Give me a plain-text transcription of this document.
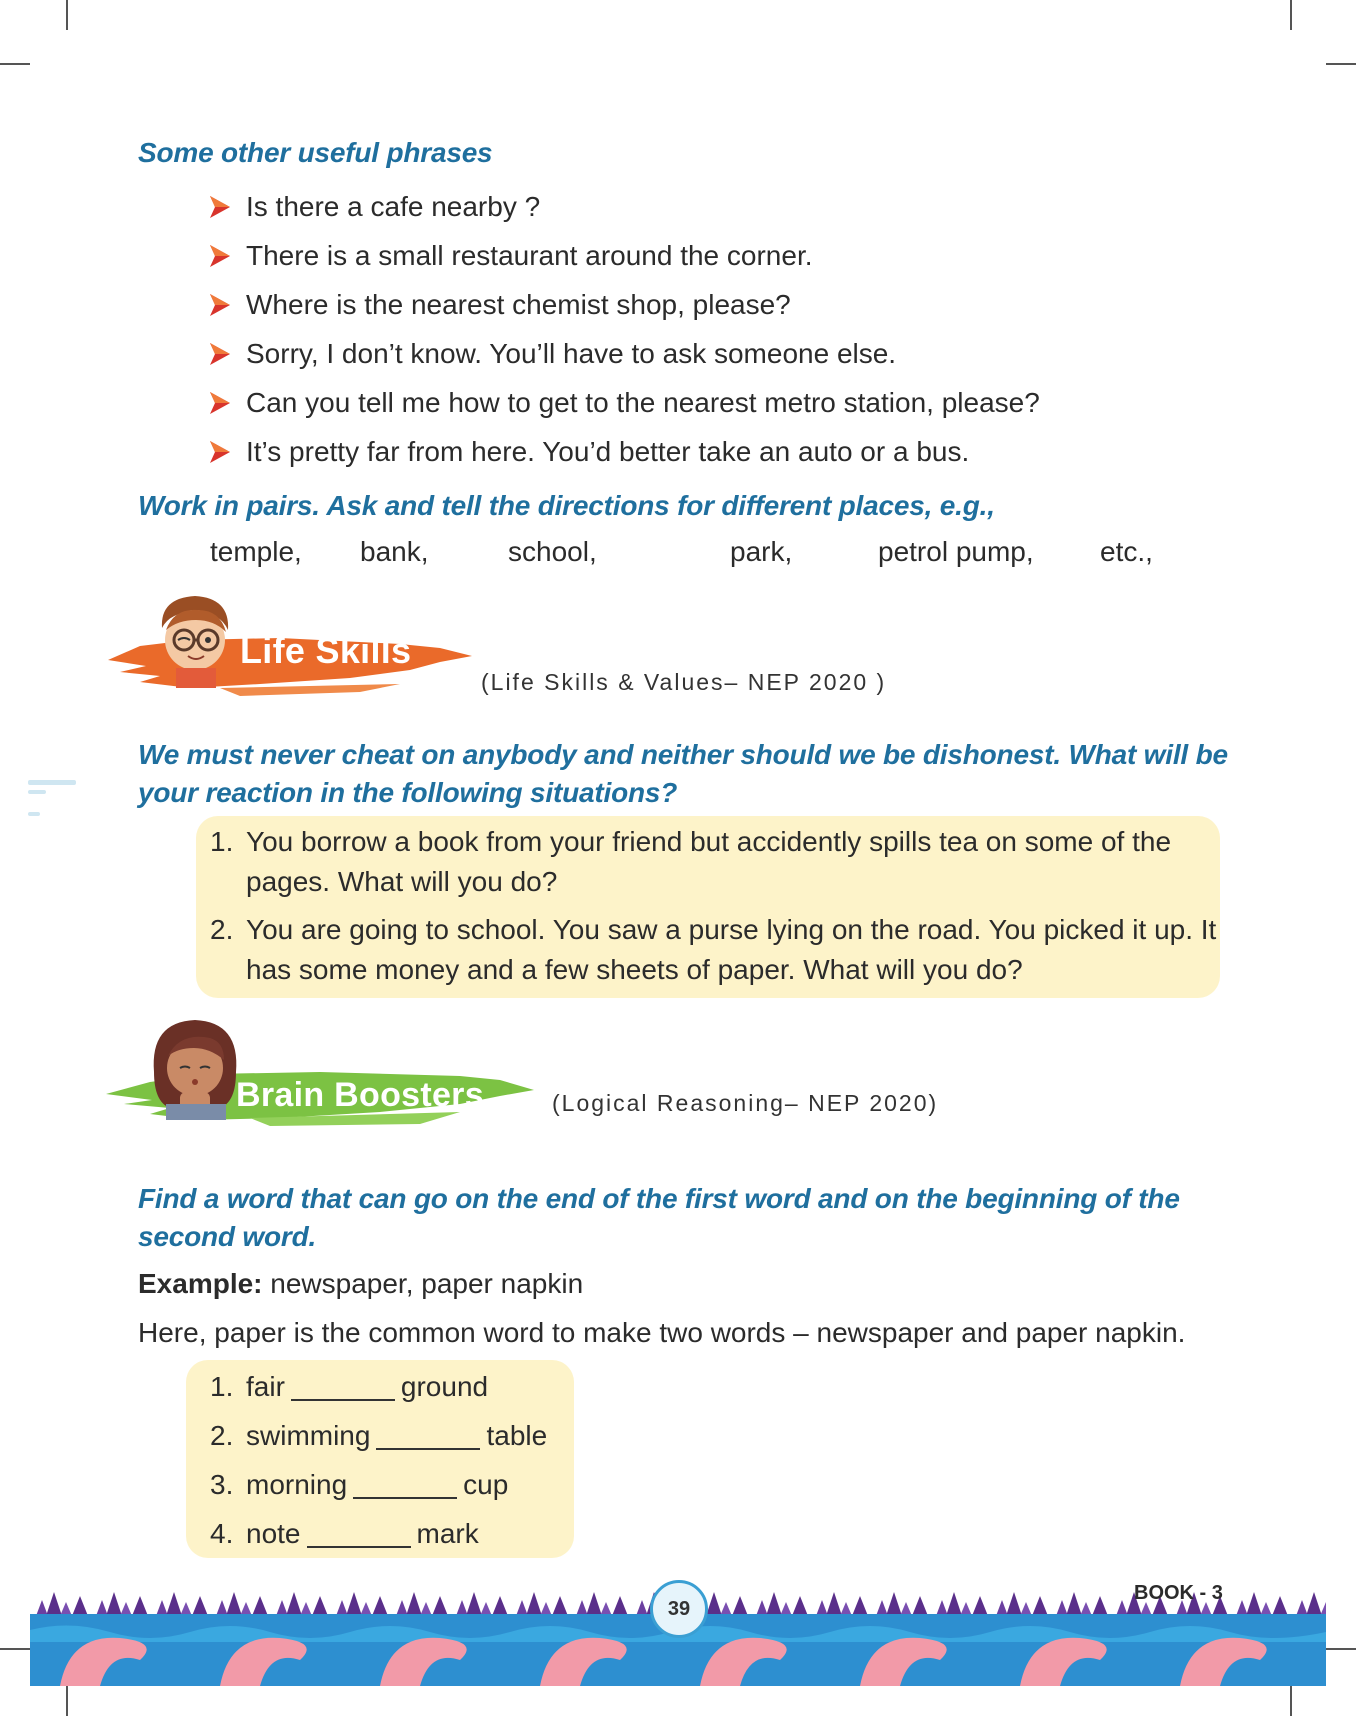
Some other useful phrases
Is there a cafe nearby ?
There is a small restaurant around the corner.
Where is the nearest chemist shop, please?
Sorry, I don’t know. You’ll have to ask someone else.
Can you tell me how to get to the nearest metro station, please?
It’s pretty far from here. You’d better take an auto or a bus.
Work in pairs. Ask and tell the directions for different places, e.g.,
temple, bank,	school,	park,	petrol pump, etc.,
Life Skills
(Life Skills & Values– NEP 2020 )
We must never cheat on anybody and neither should we be dishonest. What will be
your reaction in the following situations?
1. You borrow a book from your friend but accidently spills tea on some of the
pages. What will you do?
2. You are going to school. You saw a purse lying on the road. You picked it up. It
has some money and a few sheets of paper. What will you do?
Brain Boosters	(Logical Reasoning– NEP 2020)
Find a word that can go on the end of the first word and on the beginning of the
second word.
Example: newspaper, paper napkin
Here, paper is the common word to make two words – newspaper and paper napkin.
1. fair	ground
2. swimming	table
3. morning	cup
4. note	mark
39
BOOK - 3
